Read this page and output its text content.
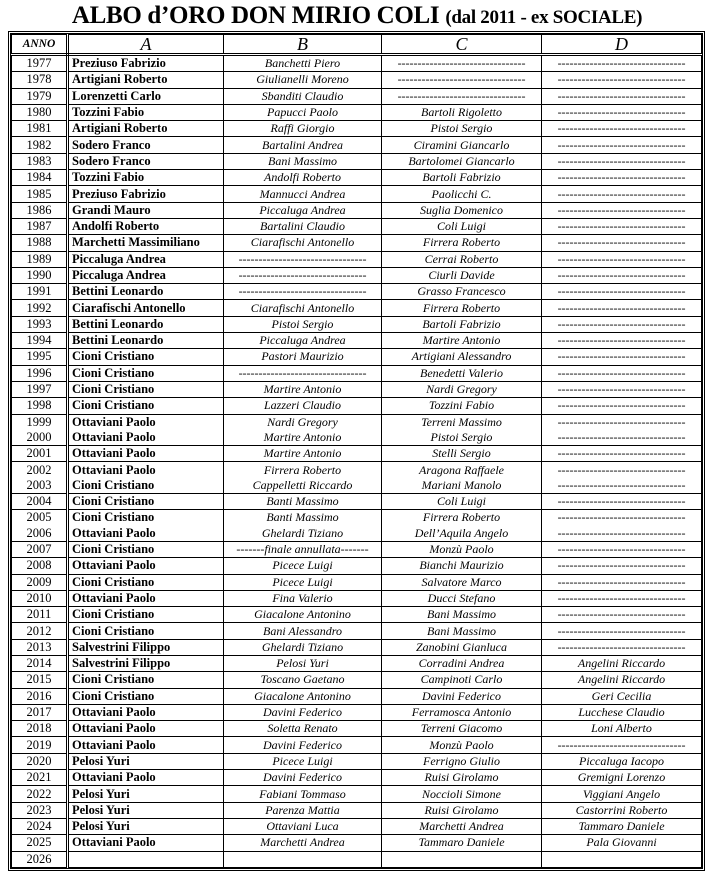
ALBO d’ORO DON MIRIO COLI (dal 2011 - ex SOCIALE)
ANNO	A	B	C	D
1977	Preziuso Fabrizio	Banchetti Piero	--------------------------------	--------------------------------
1978	Artigiani Roberto	Giulianelli Moreno	--------------------------------	--------------------------------
1979	Lorenzetti Carlo	Sbanditi Claudio	--------------------------------	--------------------------------
1980	Tozzini Fabio	Papucci Paolo	Bartoli Rigoletto	--------------------------------
1981	Artigiani Roberto	Raffi Giorgio	Pistoi Sergio	--------------------------------
1982	Sodero Franco	Bartalini Andrea	Ciramini Giancarlo	--------------------------------
1983	Sodero Franco	Bani Massimo	Bartolomei Giancarlo	--------------------------------
1984	Tozzini Fabio	Andolfi Roberto	Bartoli Fabrizio	--------------------------------
1985	Preziuso Fabrizio	Mannucci Andrea	Paolicchi C.	--------------------------------
1986	Grandi Mauro	Piccaluga Andrea	Suglia Domenico	--------------------------------
1987	Andolfi Roberto	Bartalini Claudio	Coli Luigi	--------------------------------
1988	Marchetti Massimiliano	Ciarafischi Antonello	Firrera Roberto	--------------------------------
1989	Piccaluga Andrea	--------------------------------	Cerrai Roberto	--------------------------------
1990	Piccaluga Andrea	--------------------------------	Ciurli Davide	--------------------------------
1991	Bettini Leonardo	--------------------------------	Grasso Francesco	--------------------------------
1992	Ciarafischi Antonello	Ciarafischi Antonello	Firrera Roberto	--------------------------------
1993	Bettini Leonardo	Pistoi Sergio	Bartoli Fabrizio	--------------------------------
1994	Bettini Leonardo	Piccaluga Andrea	Martire Antonio	--------------------------------
1995	Cioni Cristiano	Pastori Maurizio	Artigiani Alessandro	--------------------------------
1996	Cioni Cristiano	--------------------------------	Benedetti Valerio	--------------------------------
1997	Cioni Cristiano	Martire Antonio	Nardi Gregory	--------------------------------
1998	Cioni Cristiano	Lazzeri Claudio	Tozzini Fabio	--------------------------------
1999	Ottaviani Paolo	Nardi Gregory	Terreni Massimo	--------------------------------
2000	Ottaviani Paolo	Martire Antonio	Pistoi Sergio	--------------------------------
2001	Ottaviani Paolo	Martire Antonio	Stelli Sergio	--------------------------------
2002	Ottaviani Paolo	Firrera Roberto	Aragona Raffaele	--------------------------------
2003	Cioni Cristiano	Cappelletti Riccardo	Mariani Manolo	--------------------------------
2004	Cioni Cristiano	Banti Massimo	Coli Luigi	--------------------------------
2005	Cioni Cristiano	Banti Massimo	Firrera Roberto	--------------------------------
2006	Ottaviani Paolo	Ghelardi Tiziano	Dell’Aquila Angelo	--------------------------------
2007	Cioni Cristiano	-------finale annullata-------	Monzù Paolo	--------------------------------
2008	Ottaviani Paolo	Picece Luigi	Bianchi Maurizio	--------------------------------
2009	Cioni Cristiano	Picece Luigi	Salvatore Marco	--------------------------------
2010	Ottaviani Paolo	Fina Valerio	Ducci Stefano	--------------------------------
2011	Cioni Cristiano	Giacalone Antonino	Bani Massimo	--------------------------------
2012	Cioni Cristiano	Bani Alessandro	Bani Massimo	--------------------------------
2013	Salvestrini Filippo	Ghelardi Tiziano	Zanobini Gianluca	--------------------------------
2014	Salvestrini Filippo	Pelosi Yuri	Corradini Andrea	Angelini Riccardo
2015	Cioni Cristiano	Toscano Gaetano	Campinoti Carlo	Angelini Riccardo
2016	Cioni Cristiano	Giacalone Antonino	Davini Federico	Geri Cecilia
2017	Ottaviani Paolo	Davini Federico	Ferramosca Antonio	Lucchese Claudio
2018	Ottaviani Paolo	Soletta Renato	Terreni Giacomo	Loni Alberto
2019	Ottaviani Paolo	Davini Federico	Monzù Paolo	--------------------------------
2020	Pelosi Yuri	Picece Luigi	Ferrigno Giulio	Piccaluga Iacopo
2021	Ottaviani Paolo	Davini Federico	Ruisi Girolamo	Gremigni Lorenzo
2022	Pelosi Yuri	Fabiani Tommaso	Noccioli Simone	Viggiani Angelo
2023	Pelosi Yuri	Parenza Mattia	Ruisi Girolamo	Castorrini Roberto
2024	Pelosi Yuri	Ottaviani Luca	Marchetti Andrea	Tammaro Daniele
2025	Ottaviani Paolo	Marchetti Andrea	Tammaro Daniele	Pala Giovanni
2026				
